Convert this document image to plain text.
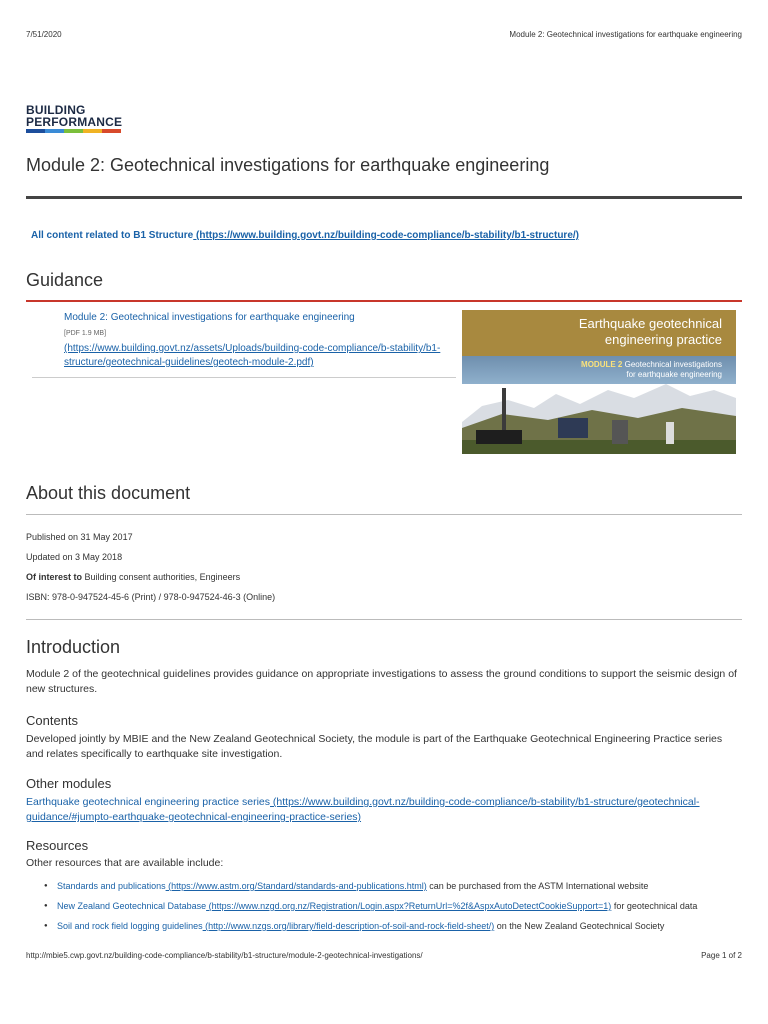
7/51/2020	Module 2: Geotechnical investigations for earthquake engineering
BUILDING
PERFORMANCE
Module 2: Geotechnical investigations for earthquake engineering
All content related to B1 Structure (https://www.building.govt.nz/building-code-compliance/b-stability/b1-structure/)
Guidance
Module 2: Geotechnical investigations for earthquake engineering
[PDF 1.9 MB]
(https://www.building.govt.nz/assets/Uploads/building-code-compliance/b-stability/b1-structure/geotechnical-guidelines/geotech-module-2.pdf)
Earthquake geotechnical
engineering practice
MODULE 2 Geotechnical investigations
for earthquake engineering
About this document
Published on 31 May 2017
Updated on 3 May 2018
Of interest to Building consent authorities, Engineers
ISBN: 978-0-947524-45-6 (Print) / 978-0-947524-46-3 (Online)
Introduction
Module 2 of the geotechnical guidelines provides guidance on appropriate investigations to assess the ground conditions to support the seismic design of new structures.
Contents
Developed jointly by MBIE and the New Zealand Geotechnical Society, the module is part of the Earthquake Geotechnical Engineering Practice series and relates specifically to earthquake site investigation.
Other modules
Earthquake geotechnical engineering practice series (https://www.building.govt.nz/building-code-compliance/b-stability/b1-structure/geotechnical-guidance/#jumpto-earthquake-geotechnical-engineering-practice-series)
Resources
Other resources that are available include:
● Standards and publications (https://www.astm.org/Standard/standards-and-publications.html) can be purchased from the ASTM International website
● New Zealand Geotechnical Database (https://www.nzgd.org.nz/Registration/Login.aspx?ReturnUrl=%2f&AspxAutoDetectCookieSupport=1) for geotechnical data
● Soil and rock field logging guidelines (http://www.nzgs.org/library/field-description-of-soil-and-rock-field-sheet/) on the New Zealand Geotechnical Society
http://mbie5.cwp.govt.nz/building-code-compliance/b-stability/b1-structure/module-2-geotechnical-investigations/	Page 1 of 2
